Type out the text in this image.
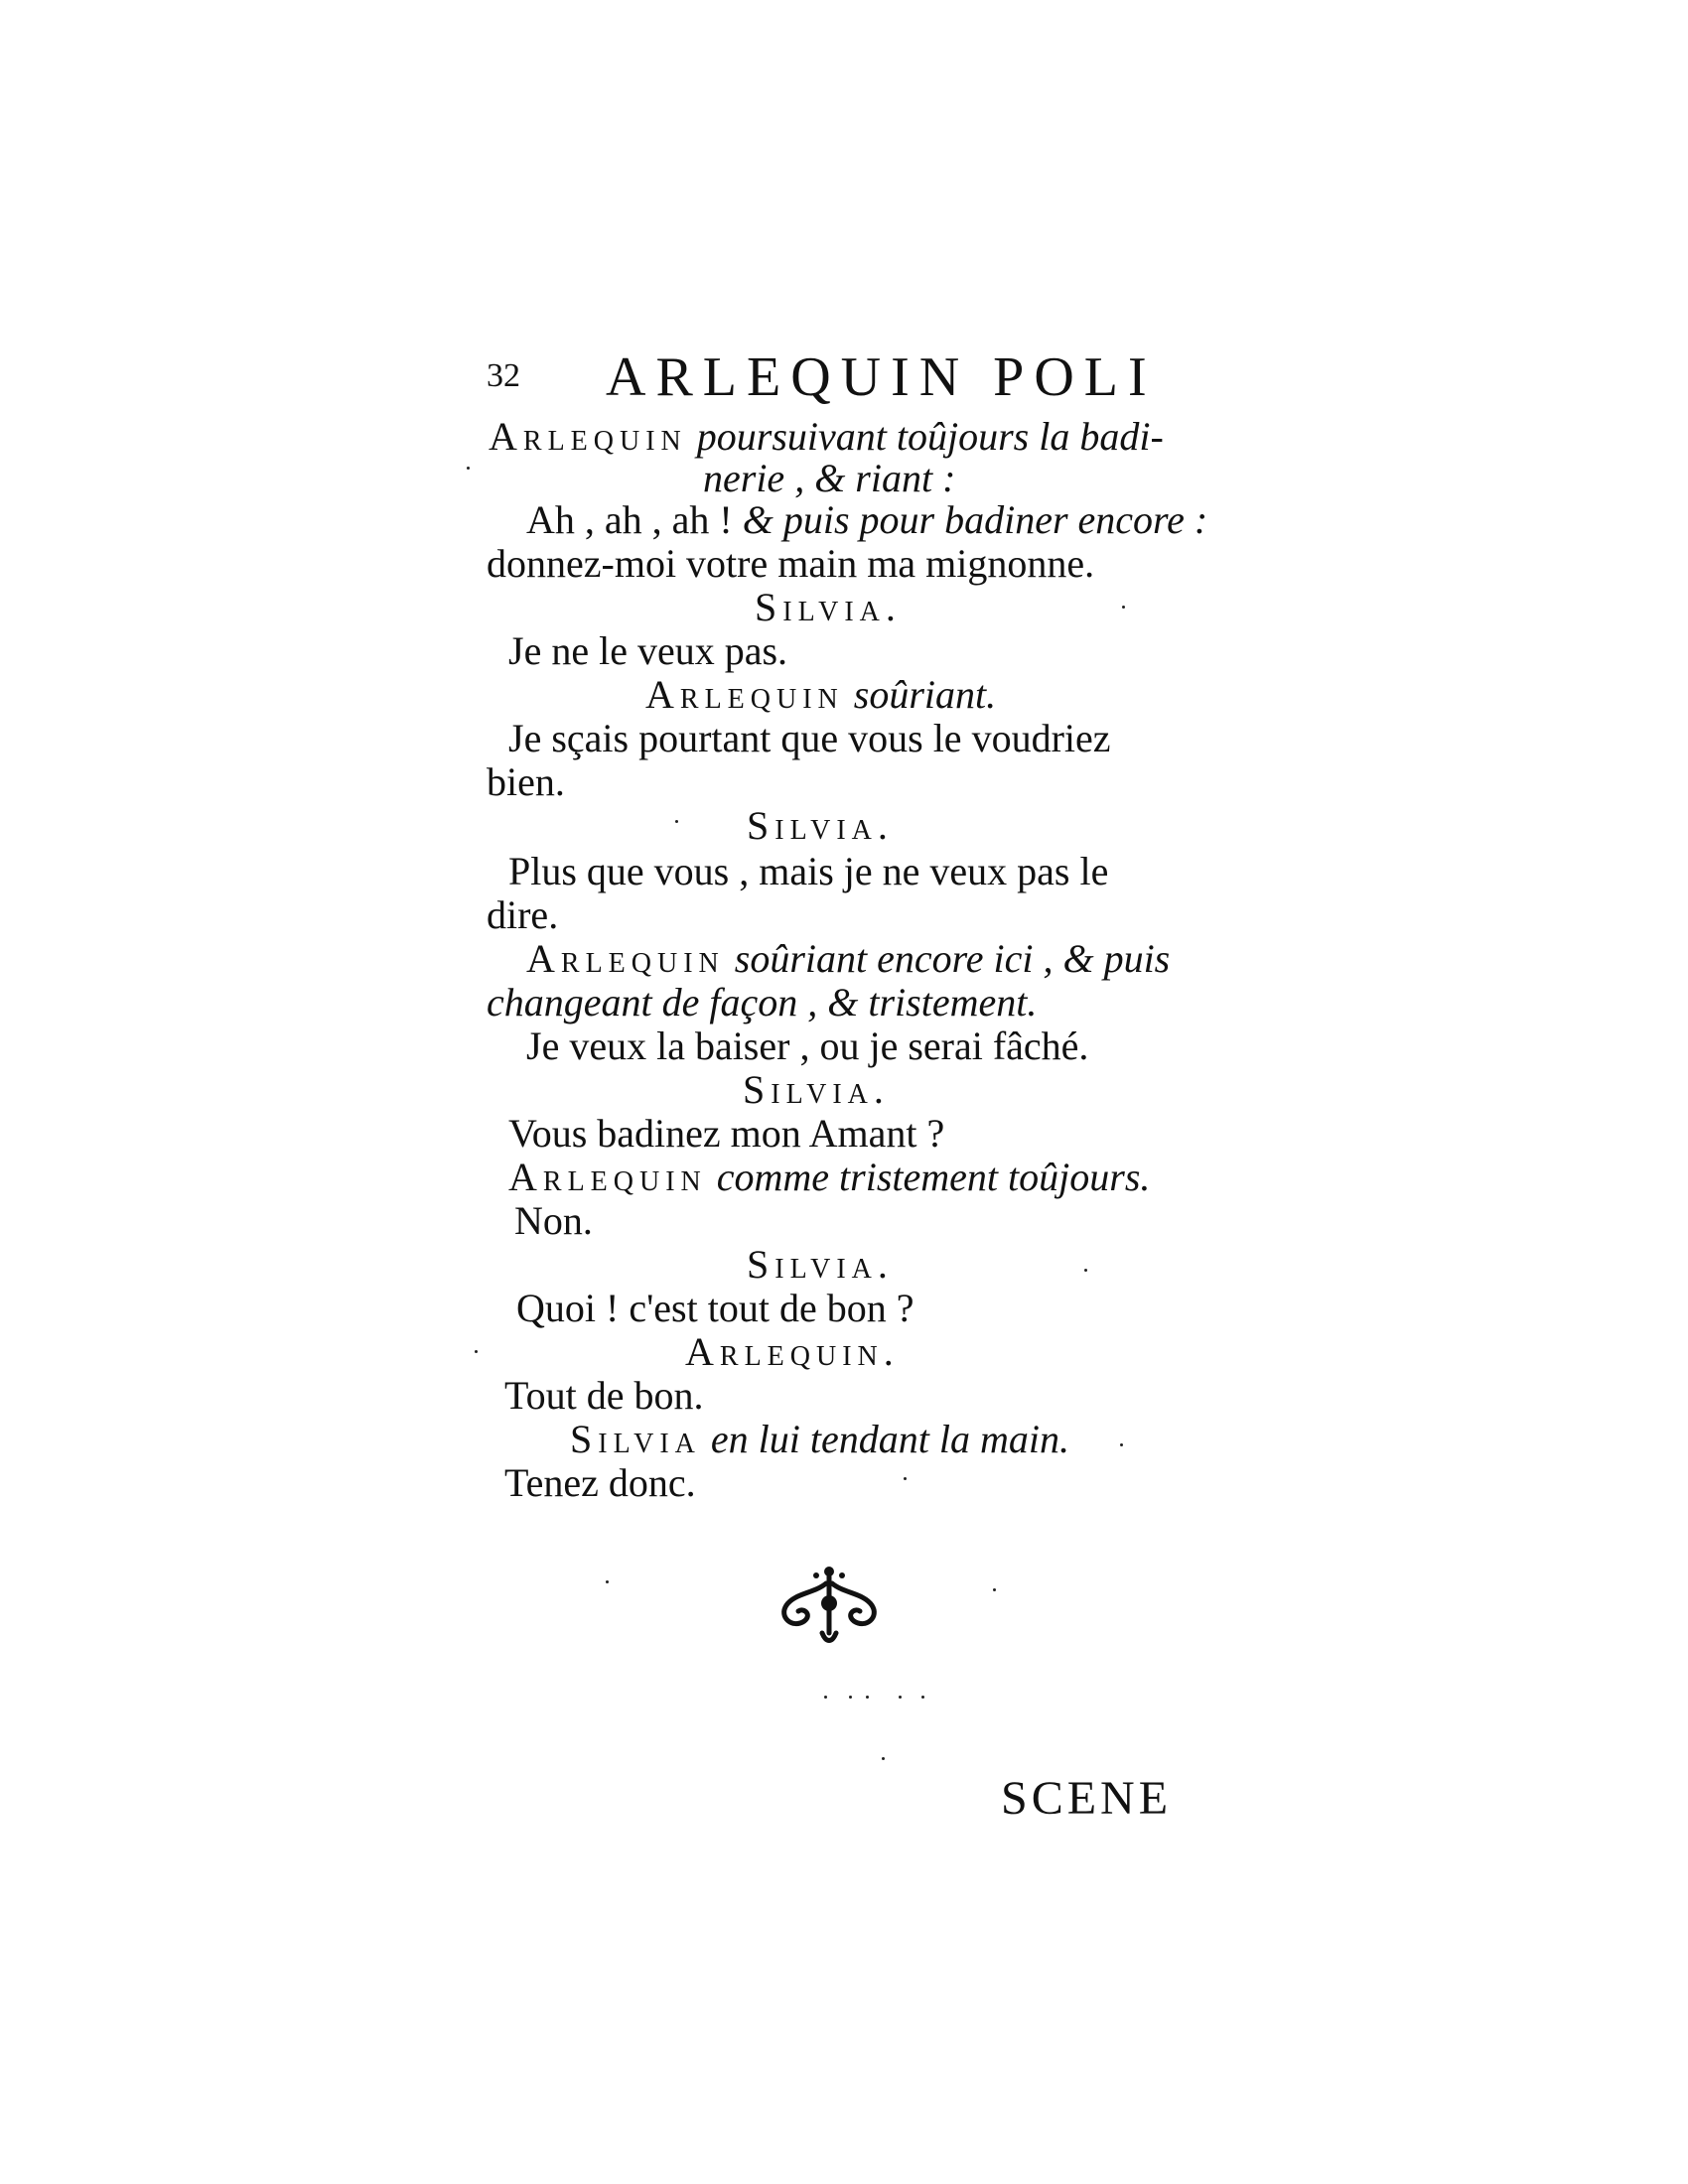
32 ARLEQUIN POLI
Arlequin poursuivant toûjours la badi-
nerie , & riant :
Ah , ah , ah ! & puis pour badiner encore :
donnez-moi votre main ma mignonne.
Silvia.
Je ne le veux pas.
Arlequin soûriant.
Je sçais pourtant que vous le voudriez
bien.
Silvia.
Plus que vous , mais je ne veux pas le
dire.
Arlequin soûriant encore ici , & puis
changeant de façon , & tristement.
Je veux la baiser , ou je serai fâché.
Silvia.
Vous badinez mon Amant ?
Arlequin comme tristement toûjours.
Non.
Silvia.
Quoi ! c'est tout de bon ?
Arlequin.
Tout de bon.
Silvia en lui tendant la main.
Tenez donc.
SCENE
